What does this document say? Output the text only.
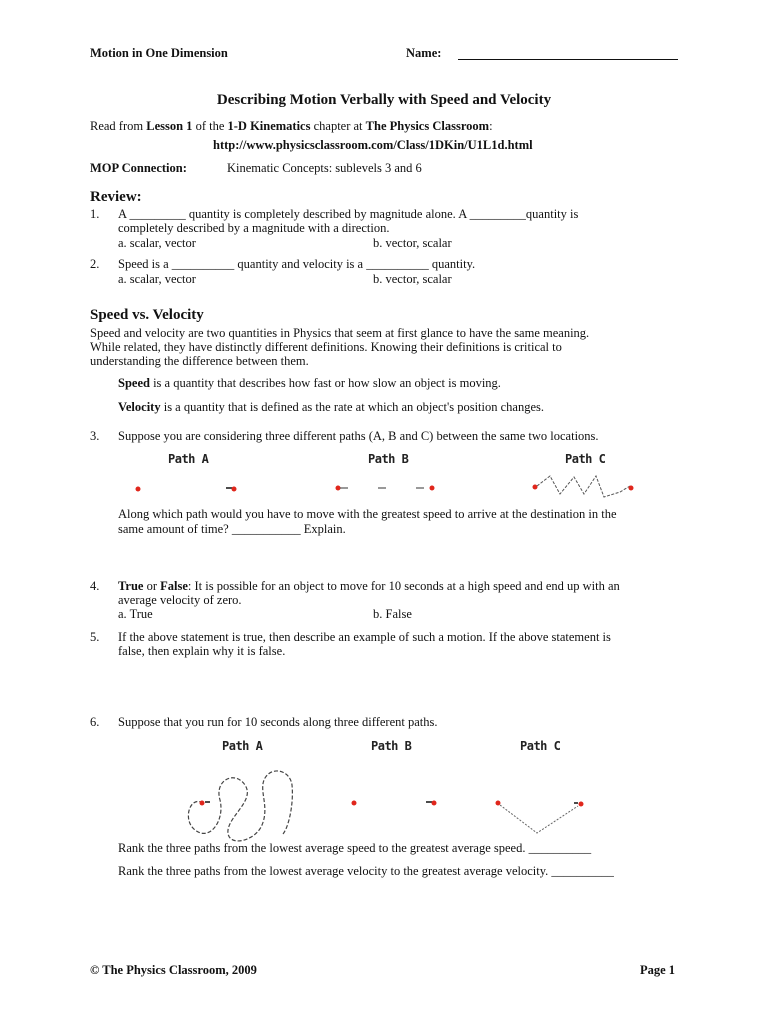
Motion in One Dimension	Name:
Describing Motion Verbally with Speed and Velocity
Read from Lesson 1 of the 1-D Kinematics chapter at The Physics Classroom:
http://www.physicsclassroom.com/Class/1DKin/U1L1d.html
MOP Connection:	Kinematic Concepts: sublevels 3 and 6
Review:
1. A _________ quantity is completely described by magnitude alone. A _________quantity is
completely described by a magnitude with a direction.
a. scalar, vector	b. vector, scalar
2. Speed is a __________ quantity and velocity is a __________ quantity.
a. scalar, vector	b. vector, scalar
Speed vs. Velocity
Speed and velocity are two quantities in Physics that seem at first glance to have the same meaning.
While related, they have distinctly different definitions. Knowing their definitions is critical to
understanding the difference between them.
Speed is a quantity that describes how fast or how slow an object is moving.
Velocity is a quantity that is defined as the rate at which an object's position changes.
3. Suppose you are considering three different paths (A, B and C) between the same two locations.
Path A	Path B	Path C
Along which path would you have to move with the greatest speed to arrive at the destination in the
same amount of time? ___________ Explain.
4. True or False: It is possible for an object to move for 10 seconds at a high speed and end up with an
average velocity of zero.
a. True	b. False
5. If the above statement is true, then describe an example of such a motion. If the above statement is
false, then explain why it is false.
6. Suppose that you run for 10 seconds along three different paths.
Path A	Path B	Path C
Rank the three paths from the lowest average speed to the greatest average speed. __________
Rank the three paths from the lowest average velocity to the greatest average velocity. __________
© The Physics Classroom, 2009	Page 1
